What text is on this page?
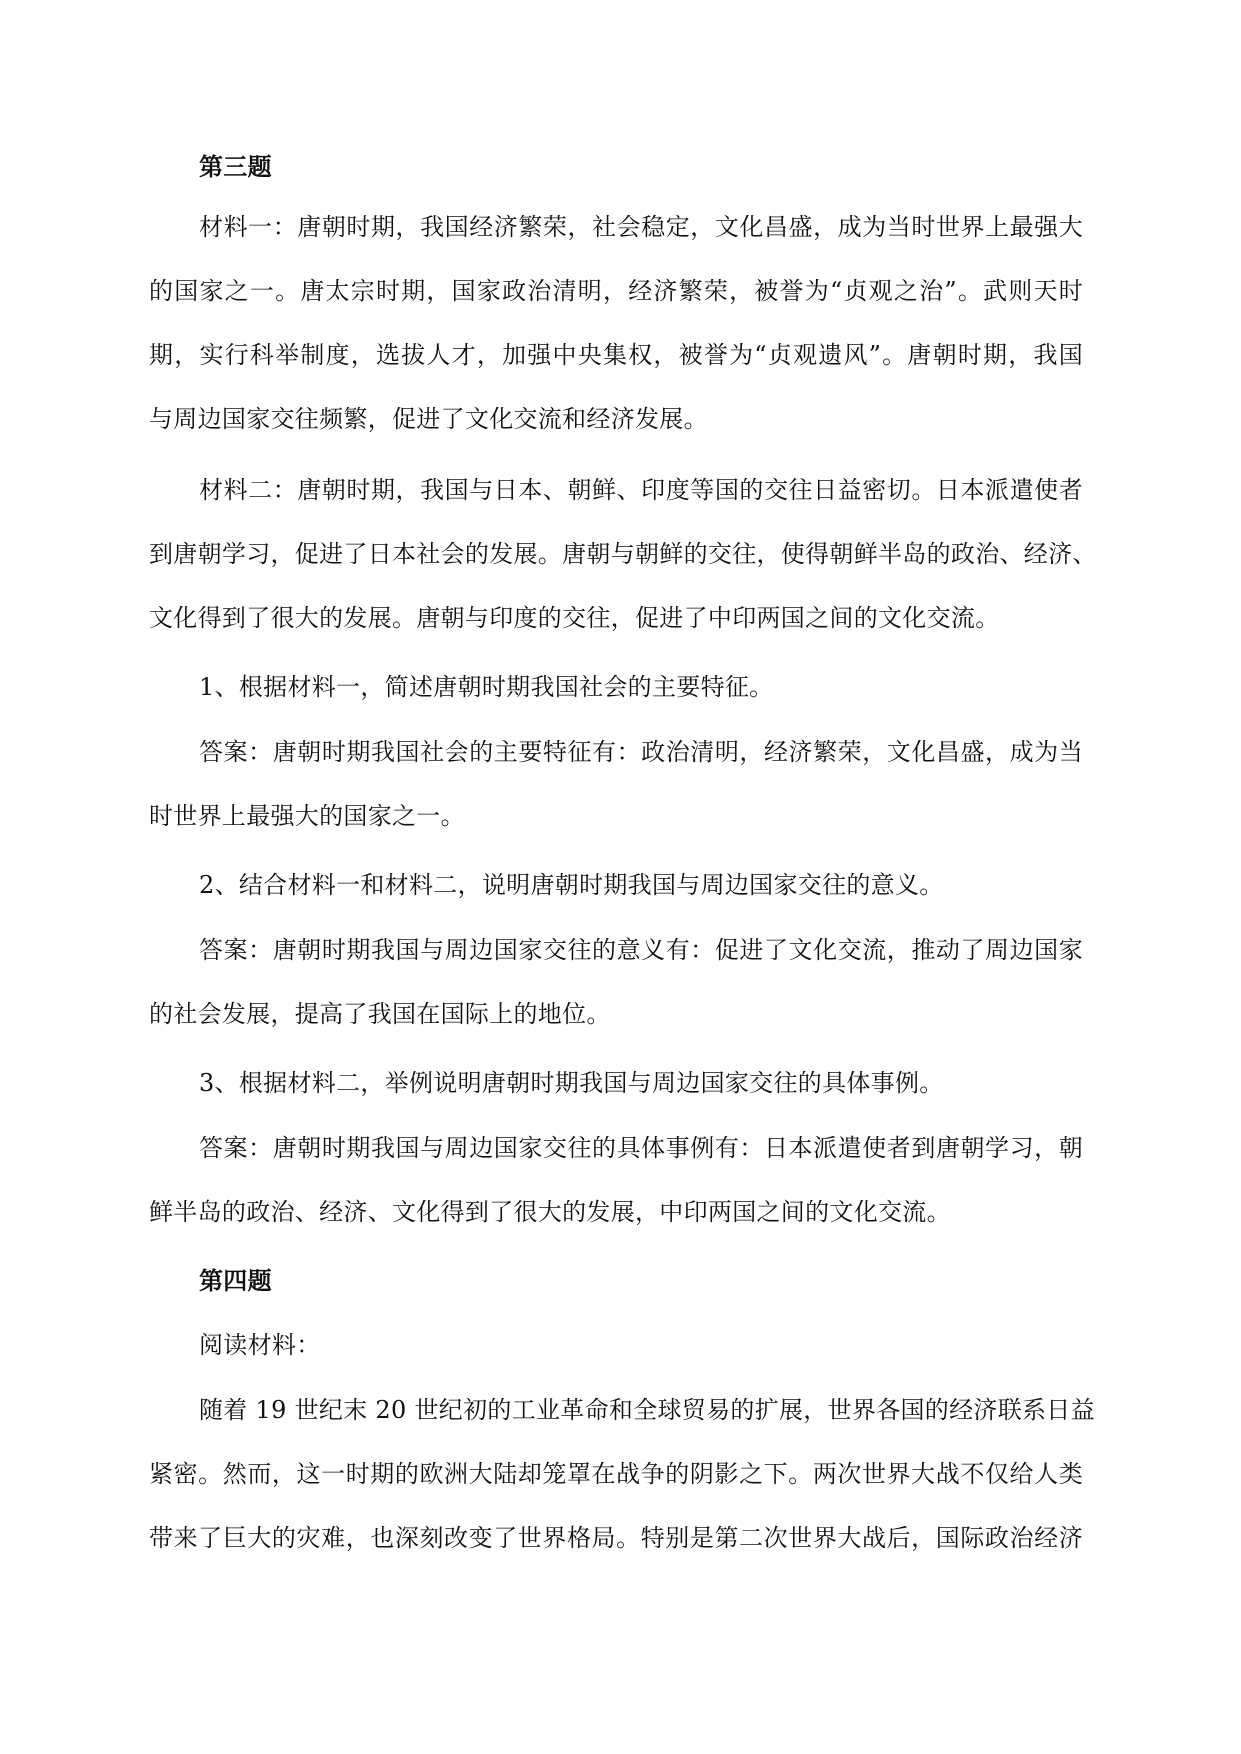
第三题
材料一：唐朝时期，我国经济繁荣，社会稳定，文化昌盛，成为当时世界上最强大
的国家之一。唐太宗时期，国家政治清明，经济繁荣，被誉为“贞观之治”。武则天时
期，实行科举制度，选拔人才，加强中央集权，被誉为“贞观遗风”。唐朝时期，我国
与周边国家交往频繁，促进了文化交流和经济发展。
材料二：唐朝时期，我国与日本、朝鲜、印度等国的交往日益密切。日本派遣使者
到唐朝学习，促进了日本社会的发展。唐朝与朝鲜的交往，使得朝鲜半岛的政治、经济、
文化得到了很大的发展。唐朝与印度的交往，促进了中印两国之间的文化交流。
1、根据材料一，简述唐朝时期我国社会的主要特征。
答案：唐朝时期我国社会的主要特征有：政治清明，经济繁荣，文化昌盛，成为当
时世界上最强大的国家之一。
2、结合材料一和材料二，说明唐朝时期我国与周边国家交往的意义。
答案：唐朝时期我国与周边国家交往的意义有：促进了文化交流，推动了周边国家
的社会发展，提高了我国在国际上的地位。
3、根据材料二，举例说明唐朝时期我国与周边国家交往的具体事例。
答案：唐朝时期我国与周边国家交往的具体事例有：日本派遣使者到唐朝学习，朝
鲜半岛的政治、经济、文化得到了很大的发展，中印两国之间的文化交流。
第四题
阅读材料：
随着 19 世纪末 20 世纪初的工业革命和全球贸易的扩展，世界各国的经济联系日益
紧密。然而，这一时期的欧洲大陆却笼罩在战争的阴影之下。两次世界大战不仅给人类
带来了巨大的灾难，也深刻改变了世界格局。特别是第二次世界大战后，国际政治经济
